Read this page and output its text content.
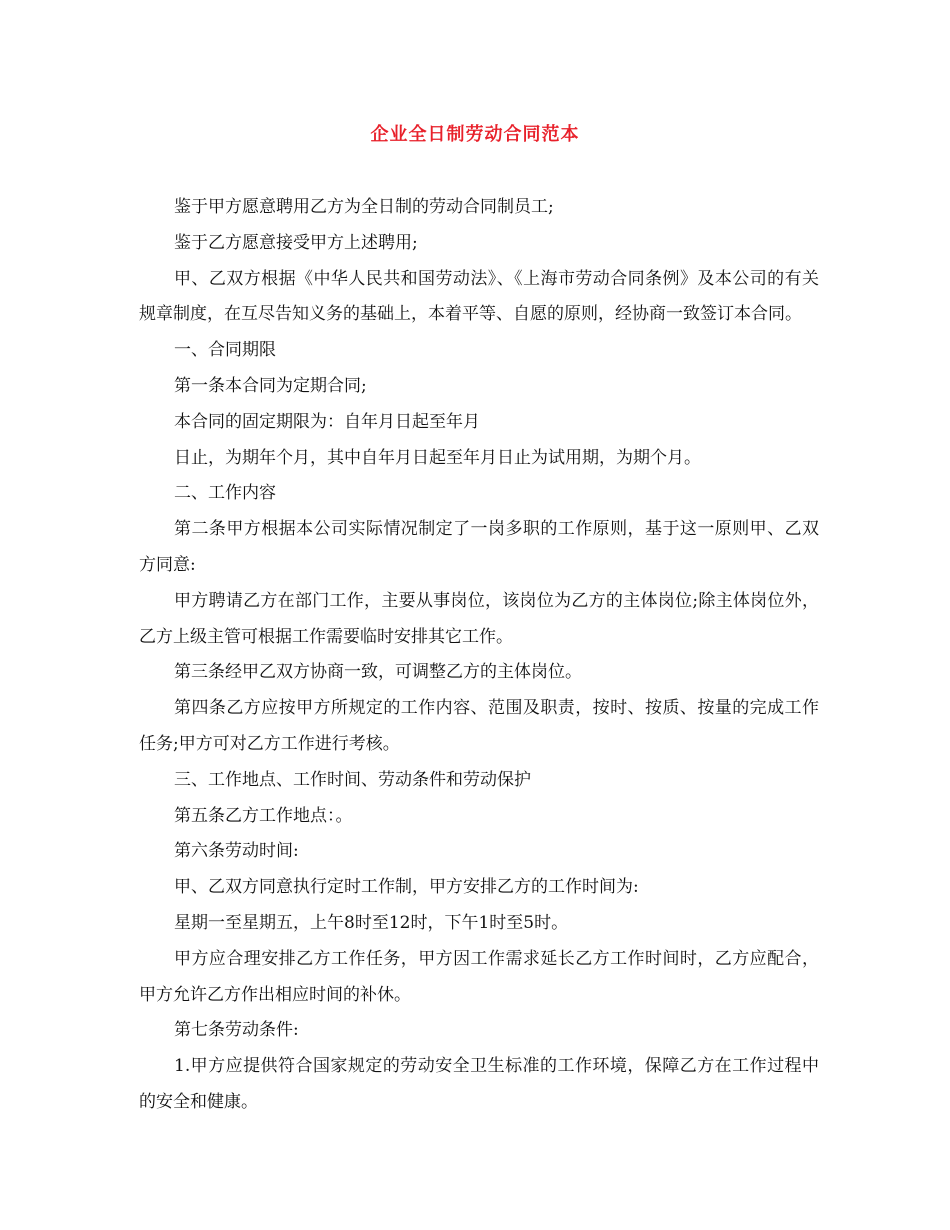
企业全日制劳动合同范本

鉴于甲方愿意聘用乙方为全日制的劳动合同制员工;

鉴于乙方愿意接受甲方上述聘用;

甲、乙双方根据《中华人民共和国劳动法》、《上海市劳动合同条例》及本公司的有关规章制度，在互尽告知义务的基础上，本着平等、自愿的原则，经协商一致签订本合同。

一、合同期限

第一条本合同为定期合同;

本合同的固定期限为：自年月日起至年月

日止，为期年个月，其中自年月日起至年月日止为试用期，为期个月。

二、工作内容

第二条甲方根据本公司实际情况制定了一岗多职的工作原则，基于这一原则甲、乙双方同意:

甲方聘请乙方在部门工作，主要从事岗位，该岗位为乙方的主体岗位;除主体岗位外，乙方上级主管可根据工作需要临时安排其它工作。

第三条经甲乙双方协商一致，可调整乙方的主体岗位。

第四条乙方应按甲方所规定的工作内容、范围及职责，按时、按质、按量的完成工作任务;甲方可对乙方工作进行考核。

三、工作地点、工作时间、劳动条件和劳动保护

第五条乙方工作地点：。

第六条劳动时间:

甲、乙双方同意执行定时工作制，甲方安排乙方的工作时间为:

星期一至星期五，上午8时至12时，下午1时至5时。

甲方应合理安排乙方工作任务，甲方因工作需求延长乙方工作时间时，乙方应配合，甲方允许乙方作出相应时间的补休。

第七条劳动条件:

1.甲方应提供符合国家规定的劳动安全卫生标准的工作环境，保障乙方在工作过程中的安全和健康。
